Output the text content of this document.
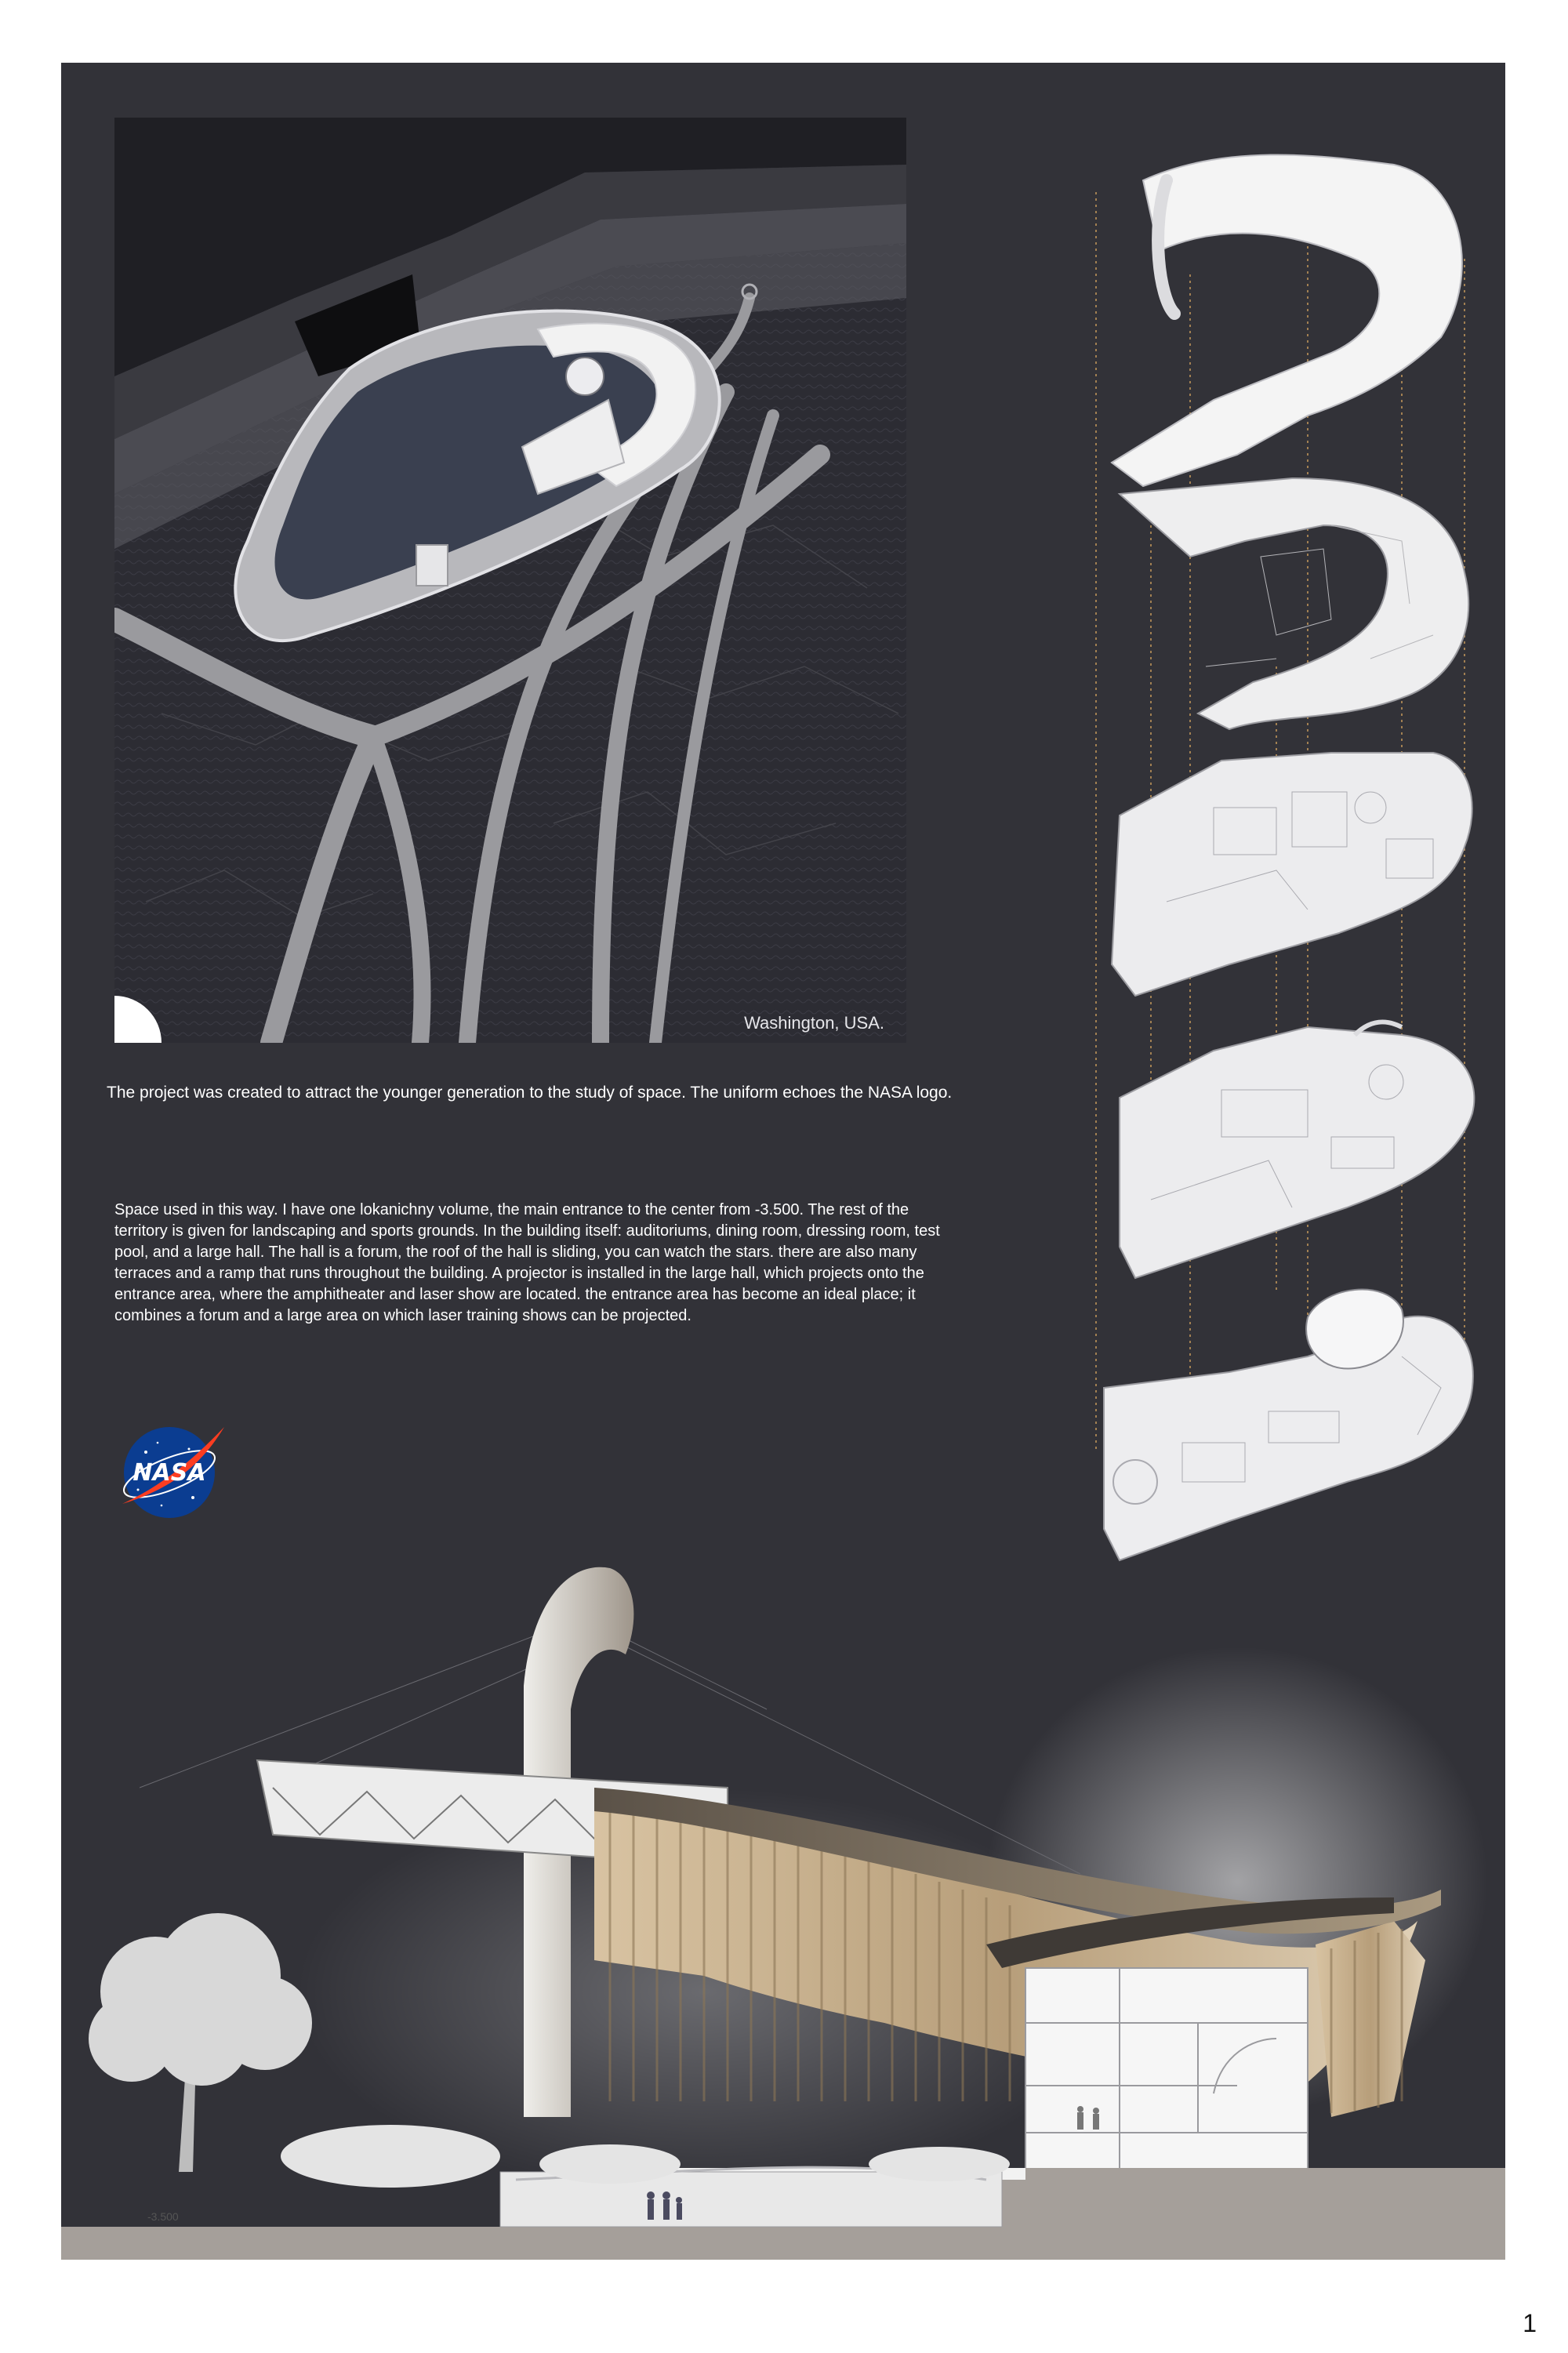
Washington, USA.
The project was created to attract the younger generation to the study of space. The uniform echoes the NASA logo.
Space used in this way. I have one lokanichny volume, the main entrance to the center from -3.500. The rest of the territory is given for landscaping and sports grounds. In the building itself: auditoriums, dining room, dressing room, test pool, and a large hall. The hall is a forum, the roof of the hall is sliding, you can watch the stars. there are also many terraces and a ramp that runs throughout the building. A projector is installed in the large hall, which projects onto the entrance area, where the amphitheater and laser show are located. the entrance area has become an ideal place; it combines a forum and a large area on which laser training shows can be projected.
NASA
-3.500
1
